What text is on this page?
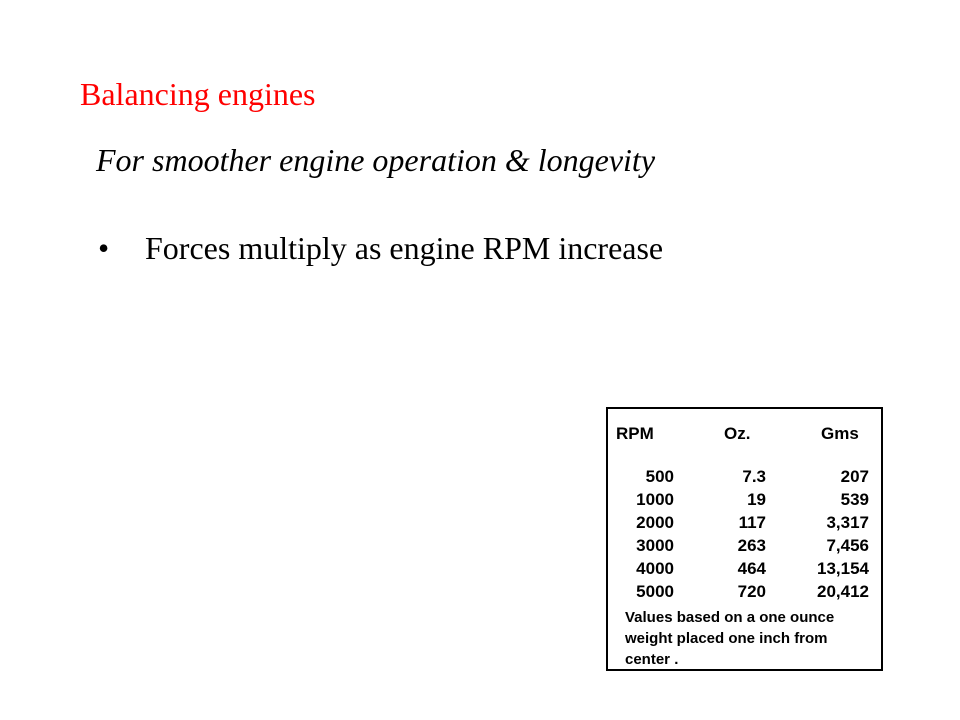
Balancing engines
For smoother engine operation & longevity
• Forces multiply as engine RPM increase
RPM	Oz.	Gms
500	7.3	207
1000	19	539
2000	117	3,317
3000	263	7,456
4000	464	13,154
5000	720	20,412
Values based on a one ounce
weight placed one inch from
center .
